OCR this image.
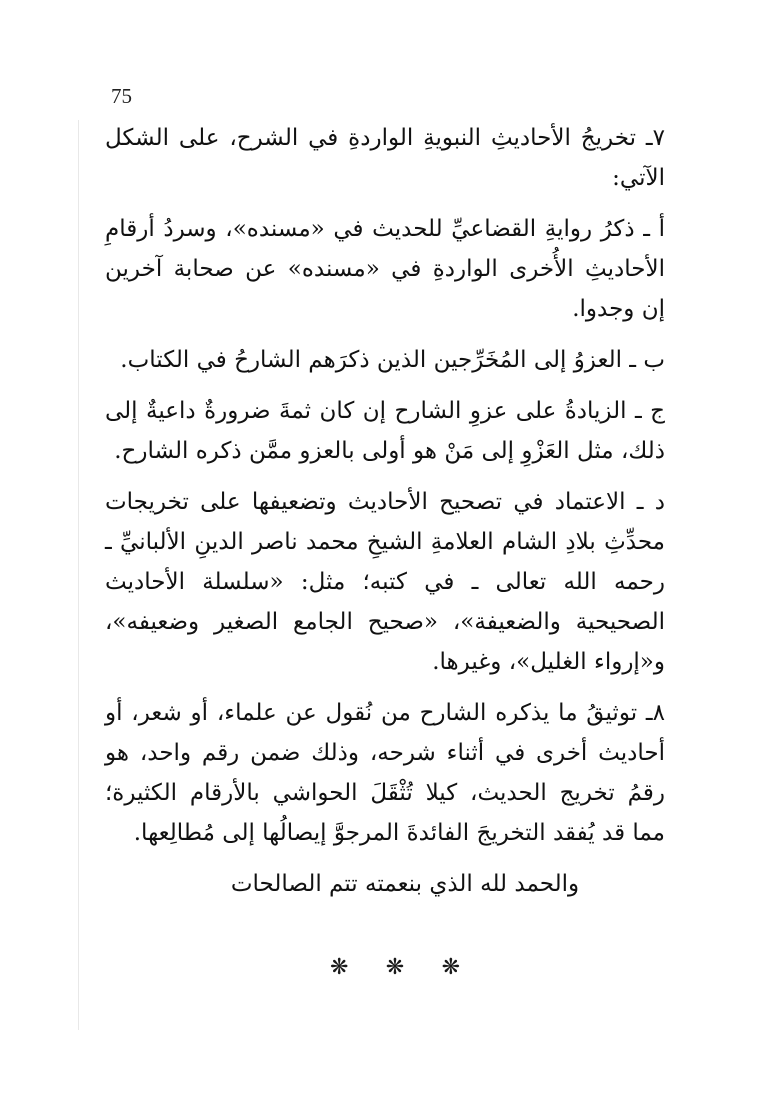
75

٧ـ تخريجُ الأحاديثِ النبويةِ الواردةِ في الشرح، على الشكل الآتي:

أ ـ ذكرُ روايةِ القضاعيِّ للحديث في «مسنده»، وسردُ أرقامِ الأحاديثِ الأُخرى الواردةِ في «مسنده» عن صحابة آخرين إن وجدوا.

ب ـ العزوُ إلى المُخَرِّجين الذين ذكرَهم الشارحُ في الكتاب.

ج ـ الزيادةُ على عزوِ الشارح إن كان ثمةَ ضرورةٌ داعيةٌ إلى ذلك، مثل العَزْوِ إلى مَنْ هو أولى بالعزو ممَّن ذكره الشارح.

د ـ الاعتماد في تصحيح الأحاديث وتضعيفها على تخريجات محدِّثِ بلادِ الشام العلامةِ الشيخِ محمد ناصر الدينِ الألبانيِّ ـ رحمه الله تعالى ـ في كتبه؛ مثل: «سلسلة الأحاديث الصحيحية والضعيفة»، «صحيح الجامع الصغير وضعيفه»، و«إرواء الغليل»، وغيرها.

٨ـ توثيقُ ما يذكره الشارح من نُقول عن علماء، أو شعر، أو أحاديث أخرى في أثناء شرحه، وذلك ضمن رقم واحد، هو رقمُ تخريج الحديث، كيلا تُثْقَلَ الحواشي بالأرقام الكثيرة؛ مما قد يُفقد التخريجَ الفائدةَ المرجوَّ إيصالُها إلى مُطالِعها.

والحمد لله الذي بنعمته تتم الصالحات

❋ ❋ ❋
